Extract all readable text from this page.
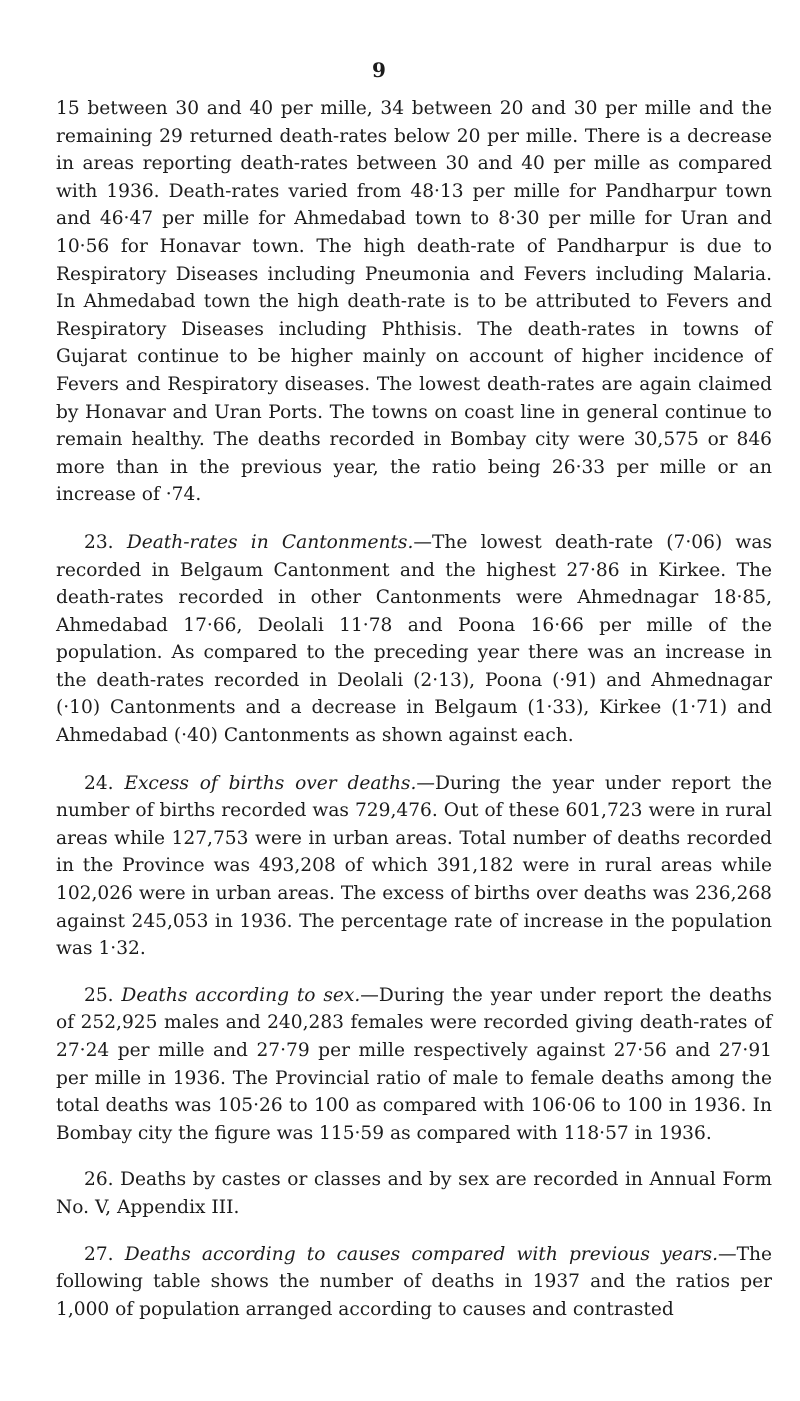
9

15 between 30 and 40 per mille, 34 between 20 and 30 per mille and the remaining 29 returned death-rates below 20 per mille. There is a decrease in areas reporting death-rates between 30 and 40 per mille as compared with 1936. Death-rates varied from 48·13 per mille for Pandharpur town and 46·47 per mille for Ahmedabad town to 8·30 per mille for Uran and 10·56 for Honavar town. The high death-rate of Pandharpur is due to Respiratory Diseases including Pneumonia and Fevers including Malaria. In Ahmedabad town the high death-rate is to be attributed to Fevers and Respiratory Diseases including Phthisis. The death-rates in towns of Gujarat continue to be higher mainly on account of higher incidence of Fevers and Respiratory diseases. The lowest death-rates are again claimed by Honavar and Uran Ports. The towns on coast line in general continue to remain healthy. The deaths recorded in Bombay city were 30,575 or 846 more than in the previous year, the ratio being 26·33 per mille or an increase of ·74.

23. Death-rates in Cantonments.—The lowest death-rate (7·06) was recorded in Belgaum Cantonment and the highest 27·86 in Kirkee. The death-rates recorded in other Cantonments were Ahmednagar 18·85, Ahmedabad 17·66, Deolali 11·78 and Poona 16·66 per mille of the population. As compared to the preceding year there was an increase in the death-rates recorded in Deolali (2·13), Poona (·91) and Ahmednagar (·10) Cantonments and a decrease in Belgaum (1·33), Kirkee (1·71) and Ahmedabad (·40) Cantonments as shown against each.

24. Excess of births over deaths.—During the year under report the number of births recorded was 729,476. Out of these 601,723 were in rural areas while 127,753 were in urban areas. Total number of deaths recorded in the Province was 493,208 of which 391,182 were in rural areas while 102,026 were in urban areas. The excess of births over deaths was 236,268 against 245,053 in 1936. The percentage rate of increase in the population was 1·32.

25. Deaths according to sex.—During the year under report the deaths of 252,925 males and 240,283 females were recorded giving death-rates of 27·24 per mille and 27·79 per mille respectively against 27·56 and 27·91 per mille in 1936. The Provincial ratio of male to female deaths among the total deaths was 105·26 to 100 as compared with 106·06 to 100 in 1936. In Bombay city the figure was 115·59 as compared with 118·57 in 1936.

26. Deaths by castes or classes and by sex are recorded in Annual Form No. V, Appendix III.

27. Deaths according to causes compared with previous years.—The following table shows the number of deaths in 1937 and the ratios per 1,000 of population arranged according to causes and contrasted
